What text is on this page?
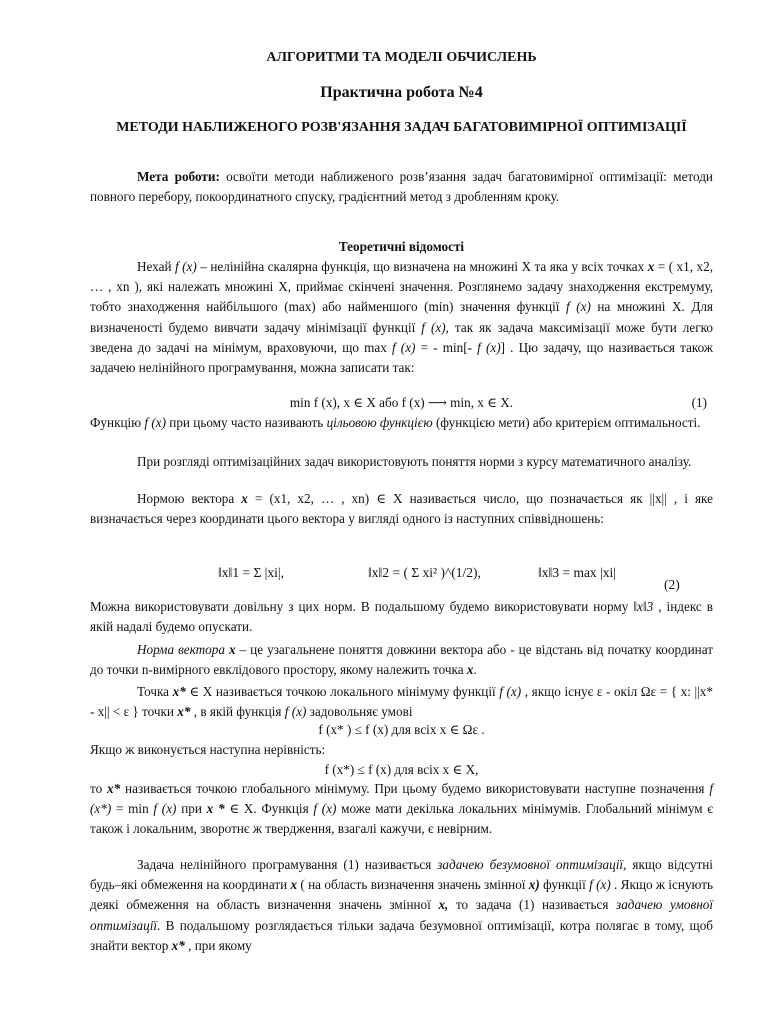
АЛГОРИТМИ ТА МОДЕЛІ ОБЧИСЛЕНЬ

Практична робота №4

МЕТОДИ НАБЛИЖЕНОГО РОЗВ'ЯЗАННЯ ЗАДАЧ БАГАТОВИМІРНОЇ ОПТИМІЗАЦІЇ

Мета роботи: освоїти методи наближеного розв’язання задач багатовимірної оптимізації: методи повного перебору, покоординатного спуску, градієнтний метод з дробленням кроку.

Теоретичні відомості

Нехай f (x) – нелінійна скалярна функція, що визначена на множині X та яка у всіх точках x = ( x1, x2, … , xn ), які належать множині X, приймає скінчені значення. Розглянемо задачу знаходження екстремуму, тобто знаходження найбільшого (max) або найменшого (min) значення функції f (x) на множині X. Для визначеності будемо вивчати задачу мінімізації функції f (x), так як задача максимізації може бути легко зведена до задачі на мінімум, враховуючи, що max f (x) = - min[- f (x)] . Цю задачу, що називається також задачею нелінійного програмування, можна записати так:

min f (x), x ∈ X або f (x) ⟶ min, x ∈ X.	(1)

Функцію f (x) при цьому часто називають цільовою функцією (функцією мети) або критерієм оптимальності.

При розгляді оптимізаційних задач використовують поняття норми з курсу математичного аналізу.

Нормою вектора x = (x1, x2, … , xn) ∈ X називається число, що позначається як ||x|| , і яке визначається через координати цього вектора у вигляді одного із наступних співвідношень:

‖x‖1 = Σ |xi|,	‖x‖2 = ( Σ xi² )^(1/2),	‖x‖3 = max |xi|
(2)

Можна використовувати довільну з цих норм. В подальшому будемо використовувати норму ‖x‖3 , індекс в якій надалі будемо опускати.

Норма вектора x – це узагальнене поняття довжини вектора або - це відстань від початку координат до точки n-вимірного евклідового простору, якому належить точка x.

Точка x* ∈ X називається точкою локального мінімуму функції f (x) , якщо існує ε - окіл Ωε = { x: ||x* - x|| < ε } точки x* , в якій функція f (x) задовольняє умові

f (x* ) ≤ f (x) для всіх x ∈ Ωε .

Якщо ж виконується наступна нерівність:

f (x*) ≤ f (x) для всіх x ∈ X,

то x* називається точкою глобального мінімуму. При цьому будемо використовувати наступне позначення f (x*) = min f (x) при x * ∈ X. Функція f (x) може мати декілька локальних мінімумів. Глобальний мінімум є також і локальним, зворотнє ж твердження, взагалі кажучи, є невірним.

Задача нелінійного програмування (1) називається задачею безумовної оптимізації, якщо відсутні будь–які обмеження на координати x ( на область визначення значень змінної x) функції f (x) . Якщо ж існують деякі обмеження на область визначення значень змінної x, то задача (1) називається задачею умовної оптимізації. В подальшому розглядається тільки задача безумовної оптимізації, котра полягає в тому, щоб знайти вектор x* , при якому
